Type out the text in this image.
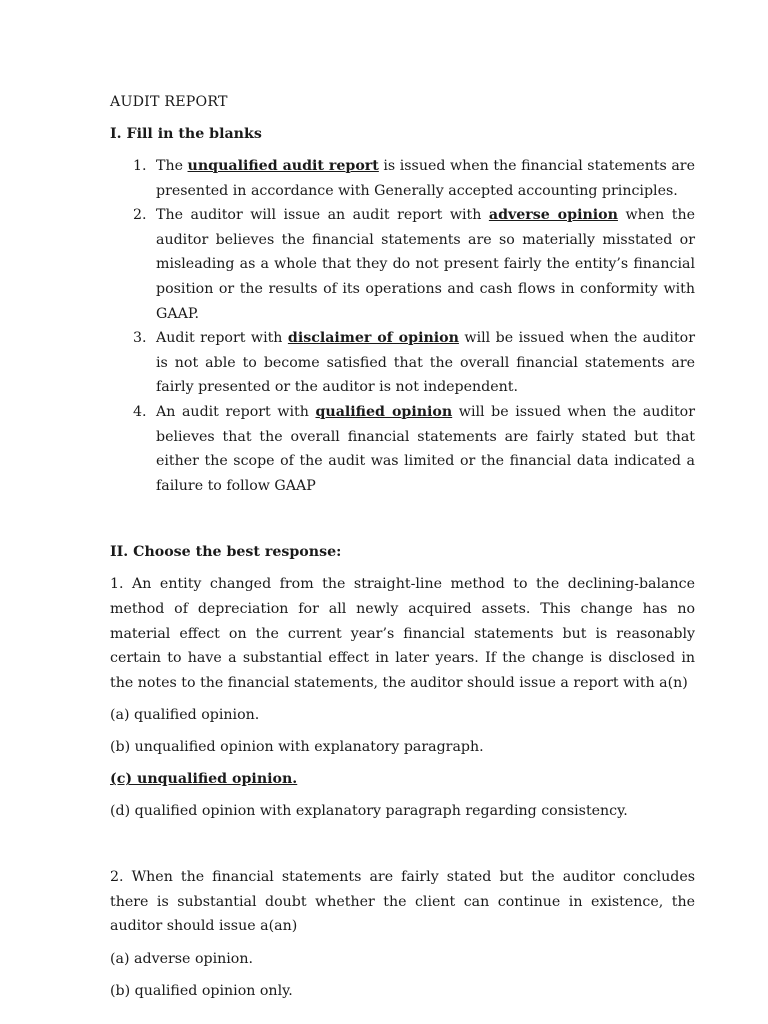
AUDIT REPORT

I. Fill in the blanks

1. The unqualified audit report is issued when the financial statements are presented in accordance with Generally accepted accounting principles.
2. The auditor will issue an audit report with adverse opinion when the auditor believes the financial statements are so materially misstated or misleading as a whole that they do not present fairly the entity’s financial position or the results of its operations and cash flows in conformity with GAAP.
3. Audit report with disclaimer of opinion will be issued when the auditor is not able to become satisfied that the overall financial statements are fairly presented or the auditor is not independent.
4. An audit report with qualified opinion will be issued when the auditor believes that the overall financial statements are fairly stated but that either the scope of the audit was limited or the financial data indicated a failure to follow GAAP

II. Choose the best response:

1. An entity changed from the straight-line method to the declining-balance method of depreciation for all newly acquired assets. This change has no material effect on the current year’s financial statements but is reasonably certain to have a substantial effect in later years. If the change is disclosed in the notes to the financial statements, the auditor should issue a report with a(n)

(a) qualified opinion.

(b) unqualified opinion with explanatory paragraph.

(c) unqualified opinion.

(d) qualified opinion with explanatory paragraph regarding consistency.

2. When the financial statements are fairly stated but the auditor concludes there is substantial doubt whether the client can continue in existence, the auditor should issue a(an)

(a) adverse opinion.

(b) qualified opinion only.
